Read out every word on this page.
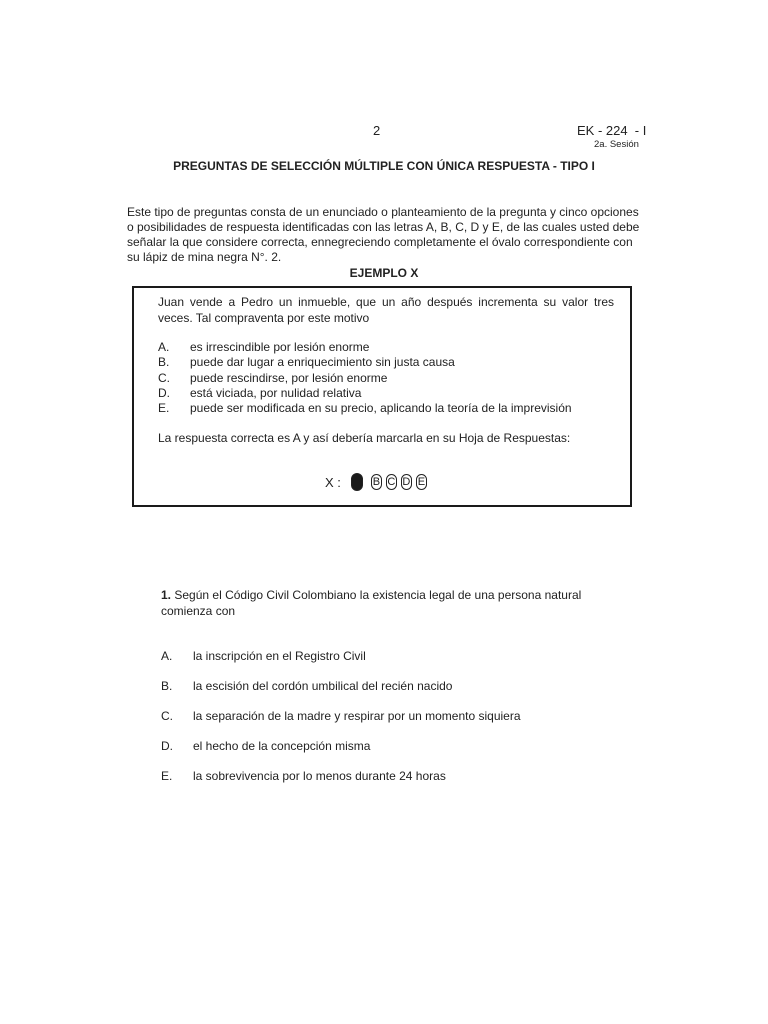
2	EK - 224  - I
2a. Sesión
PREGUNTAS DE SELECCIÓN MÚLTIPLE CON ÚNICA RESPUESTA - TIPO I
Este tipo de preguntas consta de un enunciado o planteamiento de la pregunta y cinco opciones
o posibilidades de respuesta identificadas con las letras A, B, C, D y E, de las cuales usted debe
señalar la que considere correcta, ennegreciendo completamente el óvalo correspondiente con
su lápiz de mina negra N°. 2.
EJEMPLO X
Juan vende a Pedro un inmueble, que un año después incrementa su valor tres veces. Tal compraventa por este motivo
A.	es irrescindible por lesión enorme
B.	puede dar lugar a enriquecimiento sin justa causa
C.	puede rescindirse, por lesión enorme
D.	está viciada, por nulidad relativa
E.	puede ser modificada en su precio, aplicando la teoría de la imprevisión
La respuesta correcta es A y así debería marcarla en su Hoja de Respuestas:
X :	B C D E
1. Según el Código Civil Colombiano la existencia legal de una persona natural comienza con
A.	la inscripción en el Registro Civil
B.	la escisión del cordón umbilical del recién nacido
C.	la separación de la madre y respirar por un momento siquiera
D.	el hecho de la concepción misma
E.	la sobrevivencia por lo menos durante 24 horas
